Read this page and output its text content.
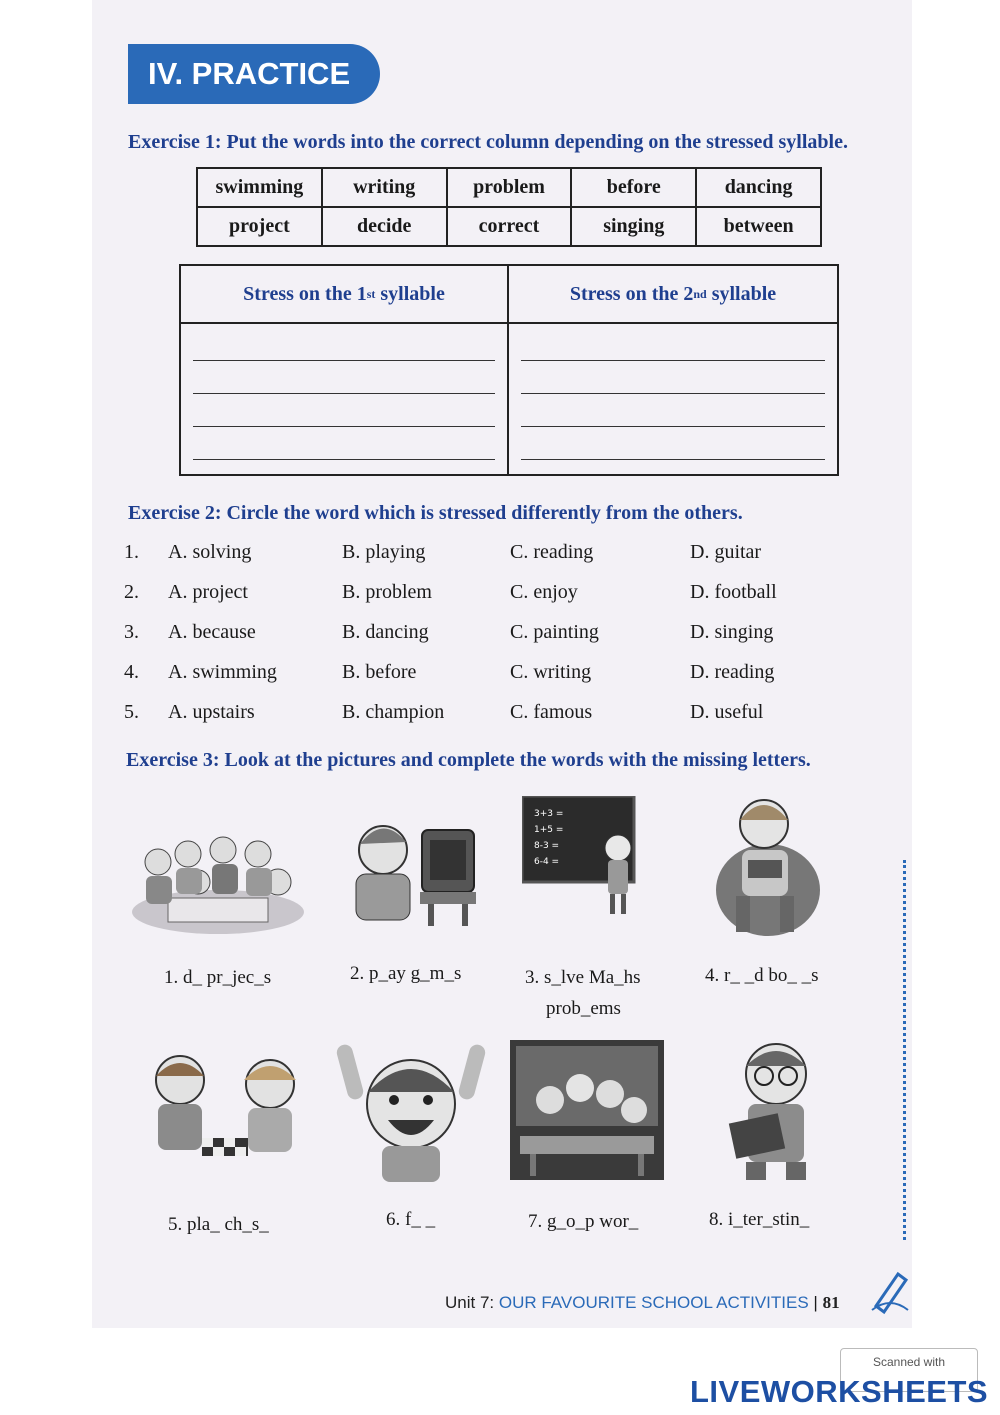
IV. PRACTICE
Exercise 1: Put the words into the correct column depending on the stressed syllable.
swimming	writing	problem	before	dancing
project	decide	correct	singing	between
Stress on the 1 st syllable	Stress on the 2 nd syllable
Exercise 2: Circle the word which is stressed differently from the others.
1. A. solving	B. playing	C. reading	D. guitar
2. A. project	B. problem	C. enjoy	D. football
3. A. because	B. dancing	C. painting	D. singing
4. A. swimming	B. before	C. writing	D. reading
5. A. upstairs	B. champion	C. famous	D. useful
Exercise 3: Look at the pictures and complete the words with the missing letters.
3+3 =
1+5 =
8-3 =
6-4 =
1. d_ pr_jec_s	2. p_ay g_m_s	3. s_lve Ma_hs
prob_ems
4. r_ _d bo_ _s
5. pla_ ch_s_	6. f_ _	7. g_o_p wor_	8. i_ter_stin_
Unit 7: OUR FAVOURITE SCHOOL ACTIVITIES | 81
Scanned with
LIVEWORKSHEETS
